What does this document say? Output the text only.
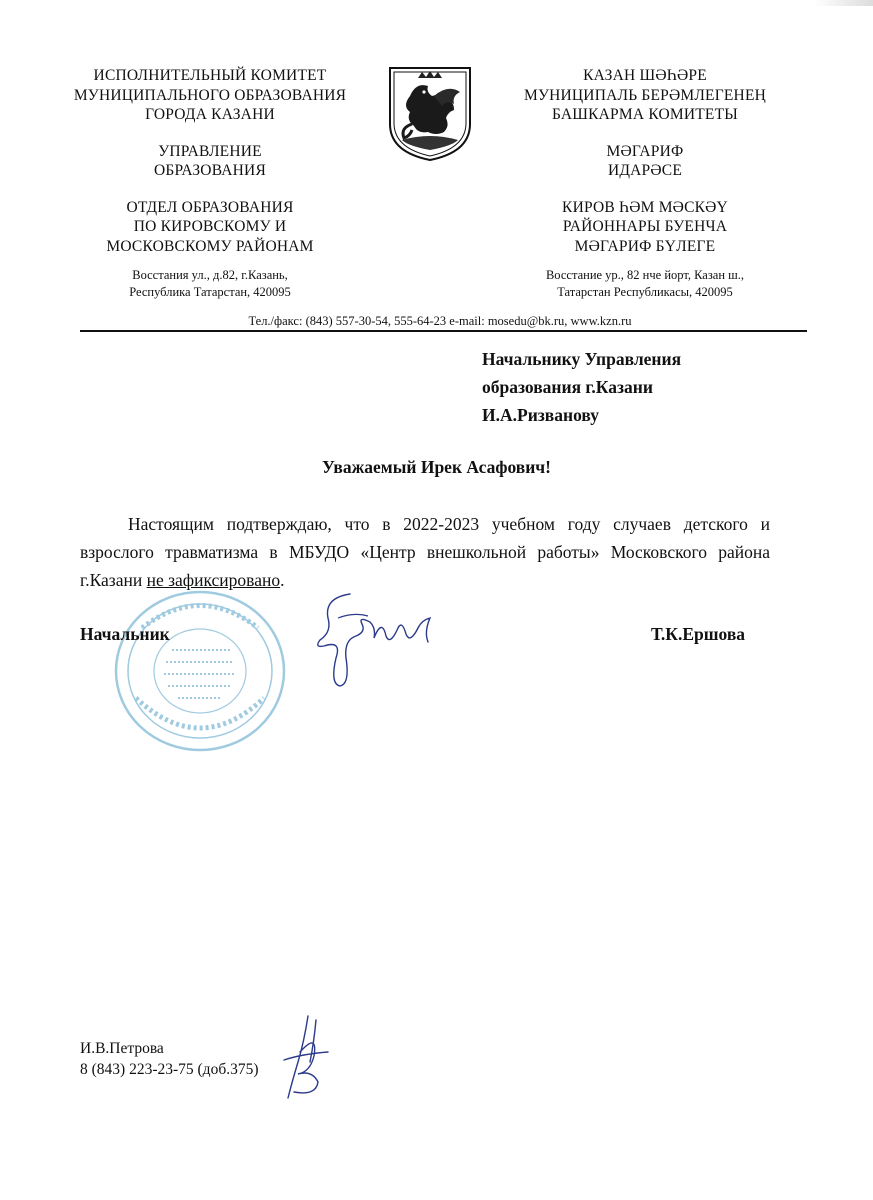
ИСПОЛНИТЕЛЬНЫЙ КОМИТЕТ
МУНИЦИПАЛЬНОГО ОБРАЗОВАНИЯ
ГОРОДА КАЗАНИ
УПРАВЛЕНИЕ
ОБРАЗОВАНИЯ
ОТДЕЛ ОБРАЗОВАНИЯ
ПО КИРОВСКОМУ И
МОСКОВСКОМУ РАЙОНАМ
Восстания ул., д.82, г.Казань,
Республика Татарстан, 420095
КАЗАН ШӘҺӘРЕ
МУНИЦИПАЛЬ БЕРӘМЛЕГЕНЕҢ
БАШКАРМА КОМИТЕТЫ
МӘГАРИФ
ИДАРӘСЕ
КИРОВ ҺӘМ МӘСКӘҮ
РАЙОННАРЫ БУЕНЧА
МӘГАРИФ БҮЛЕГЕ
Восстание ур., 82 нче йорт, Казан ш.,
Татарстан Республикасы, 420095
Тел./факс: (843) 557-30-54, 555-64-23 e-mail: mosedu@bk.ru, www.kzn.ru
Начальнику Управления
образования г.Казани
И.А.Ризванову
Уважаемый Ирек Асафович!

Настоящим подтверждаю, что в 2022-2023 учебном году случаев детского и взрослого травматизма в МБУДО «Центр внешкольной работы» Московского района г.Казани не зафиксировано.

Начальник	Т.К.Ершова
И.В.Петрова
8 (843) 223-23-75 (доб.375)
